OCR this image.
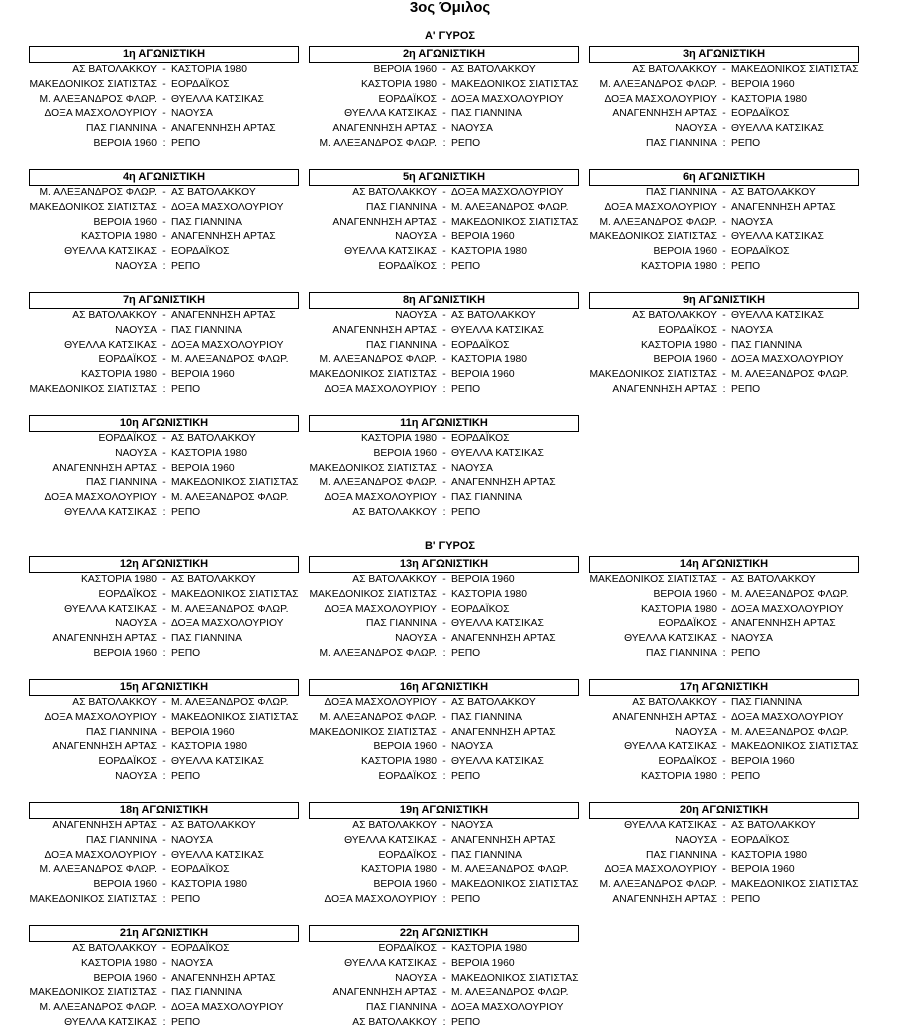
3ος Όμιλος
Α' ΓΥΡΟΣ
1η ΑΓΩΝΙΣΤΙΚΗ
ΑΣ ΒΑΤΟΛΑΚΚΟΥ - ΚΑΣΤΟΡΙΑ 1980
ΜΑΚΕΔΟΝΙΚΟΣ ΣΙΑΤΙΣΤΑΣ - ΕΟΡΔΑΪΚΟΣ
Μ. ΑΛΕΞΑΝΔΡΟΣ ΦΛΩΡ. - ΘΥΕΛΛΑ ΚΑΤΣΙΚΑΣ
ΔΟΞΑ ΜΑΣΧΟΛΟΥΡΙΟΥ - ΝΑΟΥΣΑ
ΠΑΣ ΓΙΑΝΝΙΝΑ - ΑΝΑΓΕΝΝΗΣΗ ΑΡΤΑΣ
ΒΕΡΟΙΑ 1960 : ΡΕΠΟ
2η ΑΓΩΝΙΣΤΙΚΗ
ΒΕΡΟΙΑ 1960 - ΑΣ ΒΑΤΟΛΑΚΚΟΥ
ΚΑΣΤΟΡΙΑ 1980 - ΜΑΚΕΔΟΝΙΚΟΣ ΣΙΑΤΙΣΤΑΣ
ΕΟΡΔΑΪΚΟΣ - ΔΟΞΑ ΜΑΣΧΟΛΟΥΡΙΟΥ
ΘΥΕΛΛΑ ΚΑΤΣΙΚΑΣ - ΠΑΣ ΓΙΑΝΝΙΝΑ
ΑΝΑΓΕΝΝΗΣΗ ΑΡΤΑΣ - ΝΑΟΥΣΑ
Μ. ΑΛΕΞΑΝΔΡΟΣ ΦΛΩΡ. : ΡΕΠΟ
3η ΑΓΩΝΙΣΤΙΚΗ
ΑΣ ΒΑΤΟΛΑΚΚΟΥ - ΜΑΚΕΔΟΝΙΚΟΣ ΣΙΑΤΙΣΤΑΣ
Μ. ΑΛΕΞΑΝΔΡΟΣ ΦΛΩΡ. - ΒΕΡΟΙΑ 1960
ΔΟΞΑ ΜΑΣΧΟΛΟΥΡΙΟΥ - ΚΑΣΤΟΡΙΑ 1980
ΑΝΑΓΕΝΝΗΣΗ ΑΡΤΑΣ - ΕΟΡΔΑΪΚΟΣ
ΝΑΟΥΣΑ - ΘΥΕΛΛΑ ΚΑΤΣΙΚΑΣ
ΠΑΣ ΓΙΑΝΝΙΝΑ : ΡΕΠΟ
4η ΑΓΩΝΙΣΤΙΚΗ
Μ. ΑΛΕΞΑΝΔΡΟΣ ΦΛΩΡ. - ΑΣ ΒΑΤΟΛΑΚΚΟΥ
ΜΑΚΕΔΟΝΙΚΟΣ ΣΙΑΤΙΣΤΑΣ - ΔΟΞΑ ΜΑΣΧΟΛΟΥΡΙΟΥ
ΒΕΡΟΙΑ 1960 - ΠΑΣ ΓΙΑΝΝΙΝΑ
ΚΑΣΤΟΡΙΑ 1980 - ΑΝΑΓΕΝΝΗΣΗ ΑΡΤΑΣ
ΘΥΕΛΛΑ ΚΑΤΣΙΚΑΣ - ΕΟΡΔΑΪΚΟΣ
ΝΑΟΥΣΑ : ΡΕΠΟ
5η ΑΓΩΝΙΣΤΙΚΗ
ΑΣ ΒΑΤΟΛΑΚΚΟΥ - ΔΟΞΑ ΜΑΣΧΟΛΟΥΡΙΟΥ
ΠΑΣ ΓΙΑΝΝΙΝΑ - Μ. ΑΛΕΞΑΝΔΡΟΣ ΦΛΩΡ.
ΑΝΑΓΕΝΝΗΣΗ ΑΡΤΑΣ - ΜΑΚΕΔΟΝΙΚΟΣ ΣΙΑΤΙΣΤΑΣ
ΝΑΟΥΣΑ - ΒΕΡΟΙΑ 1960
ΘΥΕΛΛΑ ΚΑΤΣΙΚΑΣ - ΚΑΣΤΟΡΙΑ 1980
ΕΟΡΔΑΪΚΟΣ : ΡΕΠΟ
6η ΑΓΩΝΙΣΤΙΚΗ
ΠΑΣ ΓΙΑΝΝΙΝΑ - ΑΣ ΒΑΤΟΛΑΚΚΟΥ
ΔΟΞΑ ΜΑΣΧΟΛΟΥΡΙΟΥ - ΑΝΑΓΕΝΝΗΣΗ ΑΡΤΑΣ
Μ. ΑΛΕΞΑΝΔΡΟΣ ΦΛΩΡ. - ΝΑΟΥΣΑ
ΜΑΚΕΔΟΝΙΚΟΣ ΣΙΑΤΙΣΤΑΣ - ΘΥΕΛΛΑ ΚΑΤΣΙΚΑΣ
ΒΕΡΟΙΑ 1960 - ΕΟΡΔΑΪΚΟΣ
ΚΑΣΤΟΡΙΑ 1980 : ΡΕΠΟ
7η ΑΓΩΝΙΣΤΙΚΗ
ΑΣ ΒΑΤΟΛΑΚΚΟΥ - ΑΝΑΓΕΝΝΗΣΗ ΑΡΤΑΣ
ΝΑΟΥΣΑ - ΠΑΣ ΓΙΑΝΝΙΝΑ
ΘΥΕΛΛΑ ΚΑΤΣΙΚΑΣ - ΔΟΞΑ ΜΑΣΧΟΛΟΥΡΙΟΥ
ΕΟΡΔΑΪΚΟΣ - Μ. ΑΛΕΞΑΝΔΡΟΣ ΦΛΩΡ.
ΚΑΣΤΟΡΙΑ 1980 - ΒΕΡΟΙΑ 1960
ΜΑΚΕΔΟΝΙΚΟΣ ΣΙΑΤΙΣΤΑΣ : ΡΕΠΟ
8η ΑΓΩΝΙΣΤΙΚΗ
ΝΑΟΥΣΑ - ΑΣ ΒΑΤΟΛΑΚΚΟΥ
ΑΝΑΓΕΝΝΗΣΗ ΑΡΤΑΣ - ΘΥΕΛΛΑ ΚΑΤΣΙΚΑΣ
ΠΑΣ ΓΙΑΝΝΙΝΑ - ΕΟΡΔΑΪΚΟΣ
Μ. ΑΛΕΞΑΝΔΡΟΣ ΦΛΩΡ. - ΚΑΣΤΟΡΙΑ 1980
ΜΑΚΕΔΟΝΙΚΟΣ ΣΙΑΤΙΣΤΑΣ - ΒΕΡΟΙΑ 1960
ΔΟΞΑ ΜΑΣΧΟΛΟΥΡΙΟΥ : ΡΕΠΟ
9η ΑΓΩΝΙΣΤΙΚΗ
ΑΣ ΒΑΤΟΛΑΚΚΟΥ - ΘΥΕΛΛΑ ΚΑΤΣΙΚΑΣ
ΕΟΡΔΑΪΚΟΣ - ΝΑΟΥΣΑ
ΚΑΣΤΟΡΙΑ 1980 - ΠΑΣ ΓΙΑΝΝΙΝΑ
ΒΕΡΟΙΑ 1960 - ΔΟΞΑ ΜΑΣΧΟΛΟΥΡΙΟΥ
ΜΑΚΕΔΟΝΙΚΟΣ ΣΙΑΤΙΣΤΑΣ - Μ. ΑΛΕΞΑΝΔΡΟΣ ΦΛΩΡ.
ΑΝΑΓΕΝΝΗΣΗ ΑΡΤΑΣ : ΡΕΠΟ
10η ΑΓΩΝΙΣΤΙΚΗ
ΕΟΡΔΑΪΚΟΣ - ΑΣ ΒΑΤΟΛΑΚΚΟΥ
ΝΑΟΥΣΑ - ΚΑΣΤΟΡΙΑ 1980
ΑΝΑΓΕΝΝΗΣΗ ΑΡΤΑΣ - ΒΕΡΟΙΑ 1960
ΠΑΣ ΓΙΑΝΝΙΝΑ - ΜΑΚΕΔΟΝΙΚΟΣ ΣΙΑΤΙΣΤΑΣ
ΔΟΞΑ ΜΑΣΧΟΛΟΥΡΙΟΥ - Μ. ΑΛΕΞΑΝΔΡΟΣ ΦΛΩΡ.
ΘΥΕΛΛΑ ΚΑΤΣΙΚΑΣ : ΡΕΠΟ
11η ΑΓΩΝΙΣΤΙΚΗ
ΚΑΣΤΟΡΙΑ 1980 - ΕΟΡΔΑΪΚΟΣ
ΒΕΡΟΙΑ 1960 - ΘΥΕΛΛΑ ΚΑΤΣΙΚΑΣ
ΜΑΚΕΔΟΝΙΚΟΣ ΣΙΑΤΙΣΤΑΣ - ΝΑΟΥΣΑ
Μ. ΑΛΕΞΑΝΔΡΟΣ ΦΛΩΡ. - ΑΝΑΓΕΝΝΗΣΗ ΑΡΤΑΣ
ΔΟΞΑ ΜΑΣΧΟΛΟΥΡΙΟΥ - ΠΑΣ ΓΙΑΝΝΙΝΑ
ΑΣ ΒΑΤΟΛΑΚΚΟΥ : ΡΕΠΟ
Β' ΓΥΡΟΣ
12η ΑΓΩΝΙΣΤΙΚΗ
ΚΑΣΤΟΡΙΑ 1980 - ΑΣ ΒΑΤΟΛΑΚΚΟΥ
ΕΟΡΔΑΪΚΟΣ - ΜΑΚΕΔΟΝΙΚΟΣ ΣΙΑΤΙΣΤΑΣ
ΘΥΕΛΛΑ ΚΑΤΣΙΚΑΣ - Μ. ΑΛΕΞΑΝΔΡΟΣ ΦΛΩΡ.
ΝΑΟΥΣΑ - ΔΟΞΑ ΜΑΣΧΟΛΟΥΡΙΟΥ
ΑΝΑΓΕΝΝΗΣΗ ΑΡΤΑΣ - ΠΑΣ ΓΙΑΝΝΙΝΑ
ΒΕΡΟΙΑ 1960 : ΡΕΠΟ
13η ΑΓΩΝΙΣΤΙΚΗ
ΑΣ ΒΑΤΟΛΑΚΚΟΥ - ΒΕΡΟΙΑ 1960
ΜΑΚΕΔΟΝΙΚΟΣ ΣΙΑΤΙΣΤΑΣ - ΚΑΣΤΟΡΙΑ 1980
ΔΟΞΑ ΜΑΣΧΟΛΟΥΡΙΟΥ - ΕΟΡΔΑΪΚΟΣ
ΠΑΣ ΓΙΑΝΝΙΝΑ - ΘΥΕΛΛΑ ΚΑΤΣΙΚΑΣ
ΝΑΟΥΣΑ - ΑΝΑΓΕΝΝΗΣΗ ΑΡΤΑΣ
Μ. ΑΛΕΞΑΝΔΡΟΣ ΦΛΩΡ. : ΡΕΠΟ
14η ΑΓΩΝΙΣΤΙΚΗ
ΜΑΚΕΔΟΝΙΚΟΣ ΣΙΑΤΙΣΤΑΣ - ΑΣ ΒΑΤΟΛΑΚΚΟΥ
ΒΕΡΟΙΑ 1960 - Μ. ΑΛΕΞΑΝΔΡΟΣ ΦΛΩΡ.
ΚΑΣΤΟΡΙΑ 1980 - ΔΟΞΑ ΜΑΣΧΟΛΟΥΡΙΟΥ
ΕΟΡΔΑΪΚΟΣ - ΑΝΑΓΕΝΝΗΣΗ ΑΡΤΑΣ
ΘΥΕΛΛΑ ΚΑΤΣΙΚΑΣ - ΝΑΟΥΣΑ
ΠΑΣ ΓΙΑΝΝΙΝΑ : ΡΕΠΟ
15η ΑΓΩΝΙΣΤΙΚΗ
ΑΣ ΒΑΤΟΛΑΚΚΟΥ - Μ. ΑΛΕΞΑΝΔΡΟΣ ΦΛΩΡ.
ΔΟΞΑ ΜΑΣΧΟΛΟΥΡΙΟΥ - ΜΑΚΕΔΟΝΙΚΟΣ ΣΙΑΤΙΣΤΑΣ
ΠΑΣ ΓΙΑΝΝΙΝΑ - ΒΕΡΟΙΑ 1960
ΑΝΑΓΕΝΝΗΣΗ ΑΡΤΑΣ - ΚΑΣΤΟΡΙΑ 1980
ΕΟΡΔΑΪΚΟΣ - ΘΥΕΛΛΑ ΚΑΤΣΙΚΑΣ
ΝΑΟΥΣΑ : ΡΕΠΟ
16η ΑΓΩΝΙΣΤΙΚΗ
ΔΟΞΑ ΜΑΣΧΟΛΟΥΡΙΟΥ - ΑΣ ΒΑΤΟΛΑΚΚΟΥ
Μ. ΑΛΕΞΑΝΔΡΟΣ ΦΛΩΡ. - ΠΑΣ ΓΙΑΝΝΙΝΑ
ΜΑΚΕΔΟΝΙΚΟΣ ΣΙΑΤΙΣΤΑΣ - ΑΝΑΓΕΝΝΗΣΗ ΑΡΤΑΣ
ΒΕΡΟΙΑ 1960 - ΝΑΟΥΣΑ
ΚΑΣΤΟΡΙΑ 1980 - ΘΥΕΛΛΑ ΚΑΤΣΙΚΑΣ
ΕΟΡΔΑΪΚΟΣ : ΡΕΠΟ
17η ΑΓΩΝΙΣΤΙΚΗ
ΑΣ ΒΑΤΟΛΑΚΚΟΥ - ΠΑΣ ΓΙΑΝΝΙΝΑ
ΑΝΑΓΕΝΝΗΣΗ ΑΡΤΑΣ - ΔΟΞΑ ΜΑΣΧΟΛΟΥΡΙΟΥ
ΝΑΟΥΣΑ - Μ. ΑΛΕΞΑΝΔΡΟΣ ΦΛΩΡ.
ΘΥΕΛΛΑ ΚΑΤΣΙΚΑΣ - ΜΑΚΕΔΟΝΙΚΟΣ ΣΙΑΤΙΣΤΑΣ
ΕΟΡΔΑΪΚΟΣ - ΒΕΡΟΙΑ 1960
ΚΑΣΤΟΡΙΑ 1980 : ΡΕΠΟ
18η ΑΓΩΝΙΣΤΙΚΗ
ΑΝΑΓΕΝΝΗΣΗ ΑΡΤΑΣ - ΑΣ ΒΑΤΟΛΑΚΚΟΥ
ΠΑΣ ΓΙΑΝΝΙΝΑ - ΝΑΟΥΣΑ
ΔΟΞΑ ΜΑΣΧΟΛΟΥΡΙΟΥ - ΘΥΕΛΛΑ ΚΑΤΣΙΚΑΣ
Μ. ΑΛΕΞΑΝΔΡΟΣ ΦΛΩΡ. - ΕΟΡΔΑΪΚΟΣ
ΒΕΡΟΙΑ 1960 - ΚΑΣΤΟΡΙΑ 1980
ΜΑΚΕΔΟΝΙΚΟΣ ΣΙΑΤΙΣΤΑΣ : ΡΕΠΟ
19η ΑΓΩΝΙΣΤΙΚΗ
ΑΣ ΒΑΤΟΛΑΚΚΟΥ - ΝΑΟΥΣΑ
ΘΥΕΛΛΑ ΚΑΤΣΙΚΑΣ - ΑΝΑΓΕΝΝΗΣΗ ΑΡΤΑΣ
ΕΟΡΔΑΪΚΟΣ - ΠΑΣ ΓΙΑΝΝΙΝΑ
ΚΑΣΤΟΡΙΑ 1980 - Μ. ΑΛΕΞΑΝΔΡΟΣ ΦΛΩΡ.
ΒΕΡΟΙΑ 1960 - ΜΑΚΕΔΟΝΙΚΟΣ ΣΙΑΤΙΣΤΑΣ
ΔΟΞΑ ΜΑΣΧΟΛΟΥΡΙΟΥ : ΡΕΠΟ
20η ΑΓΩΝΙΣΤΙΚΗ
ΘΥΕΛΛΑ ΚΑΤΣΙΚΑΣ - ΑΣ ΒΑΤΟΛΑΚΚΟΥ
ΝΑΟΥΣΑ - ΕΟΡΔΑΪΚΟΣ
ΠΑΣ ΓΙΑΝΝΙΝΑ - ΚΑΣΤΟΡΙΑ 1980
ΔΟΞΑ ΜΑΣΧΟΛΟΥΡΙΟΥ - ΒΕΡΟΙΑ 1960
Μ. ΑΛΕΞΑΝΔΡΟΣ ΦΛΩΡ. - ΜΑΚΕΔΟΝΙΚΟΣ ΣΙΑΤΙΣΤΑΣ
ΑΝΑΓΕΝΝΗΣΗ ΑΡΤΑΣ : ΡΕΠΟ
21η ΑΓΩΝΙΣΤΙΚΗ
ΑΣ ΒΑΤΟΛΑΚΚΟΥ - ΕΟΡΔΑΪΚΟΣ
ΚΑΣΤΟΡΙΑ 1980 - ΝΑΟΥΣΑ
ΒΕΡΟΙΑ 1960 - ΑΝΑΓΕΝΝΗΣΗ ΑΡΤΑΣ
ΜΑΚΕΔΟΝΙΚΟΣ ΣΙΑΤΙΣΤΑΣ - ΠΑΣ ΓΙΑΝΝΙΝΑ
Μ. ΑΛΕΞΑΝΔΡΟΣ ΦΛΩΡ. - ΔΟΞΑ ΜΑΣΧΟΛΟΥΡΙΟΥ
ΘΥΕΛΛΑ ΚΑΤΣΙΚΑΣ : ΡΕΠΟ
22η ΑΓΩΝΙΣΤΙΚΗ
ΕΟΡΔΑΪΚΟΣ - ΚΑΣΤΟΡΙΑ 1980
ΘΥΕΛΛΑ ΚΑΤΣΙΚΑΣ - ΒΕΡΟΙΑ 1960
ΝΑΟΥΣΑ - ΜΑΚΕΔΟΝΙΚΟΣ ΣΙΑΤΙΣΤΑΣ
ΑΝΑΓΕΝΝΗΣΗ ΑΡΤΑΣ - Μ. ΑΛΕΞΑΝΔΡΟΣ ΦΛΩΡ.
ΠΑΣ ΓΙΑΝΝΙΝΑ - ΔΟΞΑ ΜΑΣΧΟΛΟΥΡΙΟΥ
ΑΣ ΒΑΤΟΛΑΚΚΟΥ : ΡΕΠΟ
